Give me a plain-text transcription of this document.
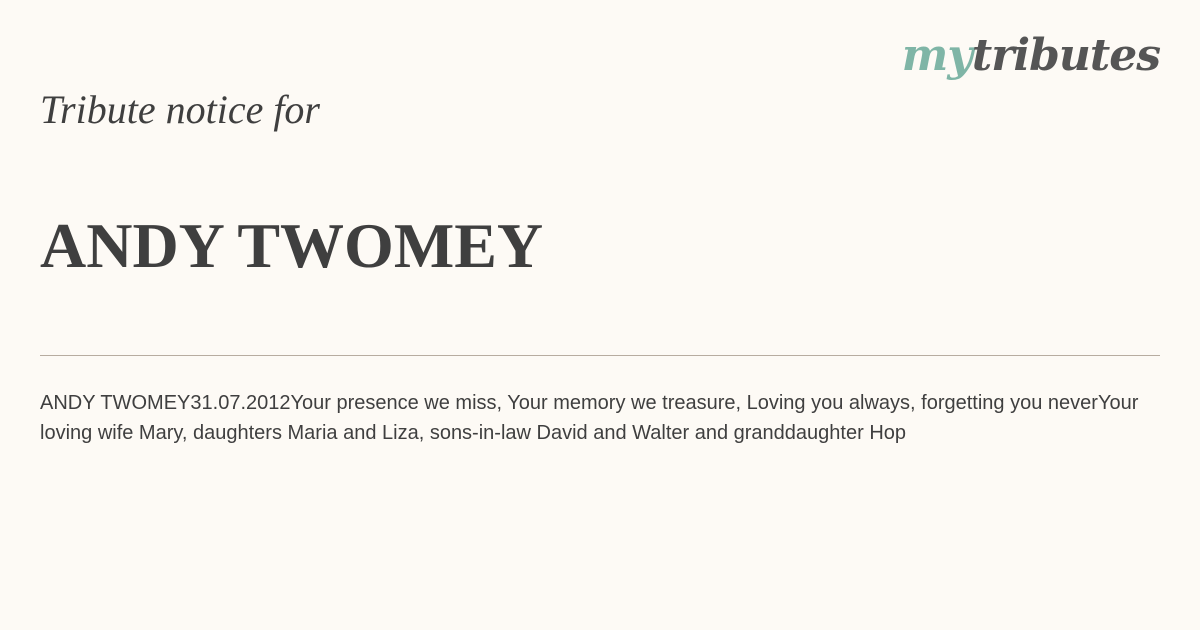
mytributes
Tribute notice for
ANDY TWOMEY
ANDY TWOMEY31.07.2012Your presence we miss, Your memory we treasure, Loving you always, forgetting you neverYour loving wife Mary, daughters Maria and Liza, sons-in-law David and Walter and granddaughter Hop
